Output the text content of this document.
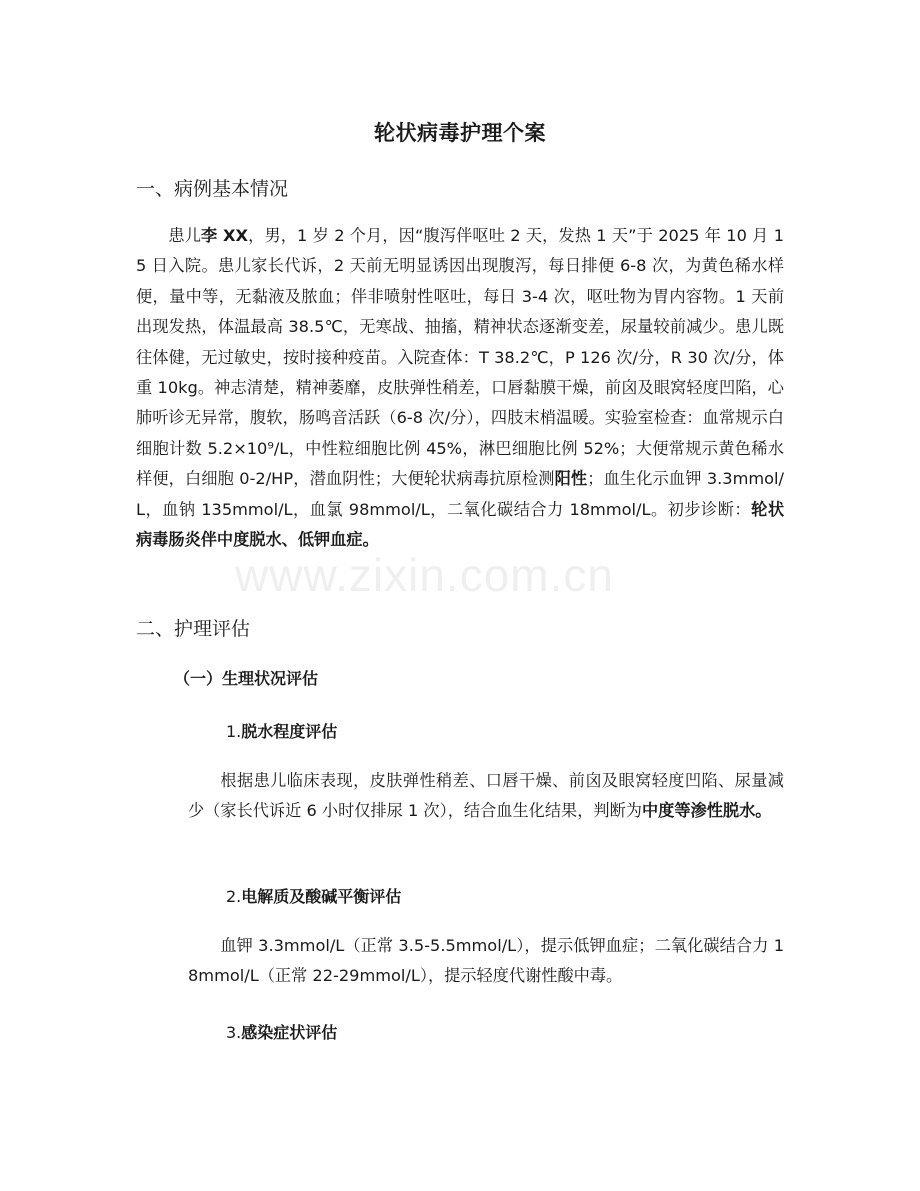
轮状病毒护理个案
一、病例基本情况

患儿李 XX，男，1 岁 2 个月，因“腹泻伴呕吐 2 天，发热 1 天”于 2025 年 10 月 15 日入院。患儿家长代诉，2 天前无明显诱因出现腹泻，每日排便 6-8 次，为黄色稀水样便，量中等，无黏液及脓血；伴非喷射性呕吐，每日 3-4 次，呕吐物为胃内容物。1 天前出现发热，体温最高 38.5℃，无寒战、抽搐，精神状态逐渐变差，尿量较前减少。患儿既往体健，无过敏史，按时接种疫苗。入院查体：T 38.2℃，P 126 次/分，R 30 次/分，体重 10kg。神志清楚，精神萎靡，皮肤弹性稍差，口唇黏膜干燥，前囟及眼窝轻度凹陷，心肺听诊无异常，腹软，肠鸣音活跃（6-8 次/分），四肢末梢温暖。实验室检查：血常规示白细胞计数 5.2×10⁹/L，中性粒细胞比例 45%，淋巴细胞比例 52%；大便常规示黄色稀水样便，白细胞 0-2/HP，潜血阴性；大便轮状病毒抗原检测阳性；血生化示血钾 3.3mmol/L，血钠 135mmol/L，血氯 98mmol/L，二氧化碳结合力 18mmol/L。初步诊断：轮状病毒肠炎伴中度脱水、低钾血症。

www.zixin.com.cn
二、护理评估
（一）生理状况评估
1.脱水程度评估

根据患儿临床表现，皮肤弹性稍差、口唇干燥、前囟及眼窝轻度凹陷、尿量减少（家长代诉近 6 小时仅排尿 1 次），结合血生化结果，判断为中度等渗性脱水。

2.电解质及酸碱平衡评估

血钾 3.3mmol/L（正常 3.5-5.5mmol/L），提示低钾血症；二氧化碳结合力 18mmol/L（正常 22-29mmol/L），提示轻度代谢性酸中毒。

3.感染症状评估
